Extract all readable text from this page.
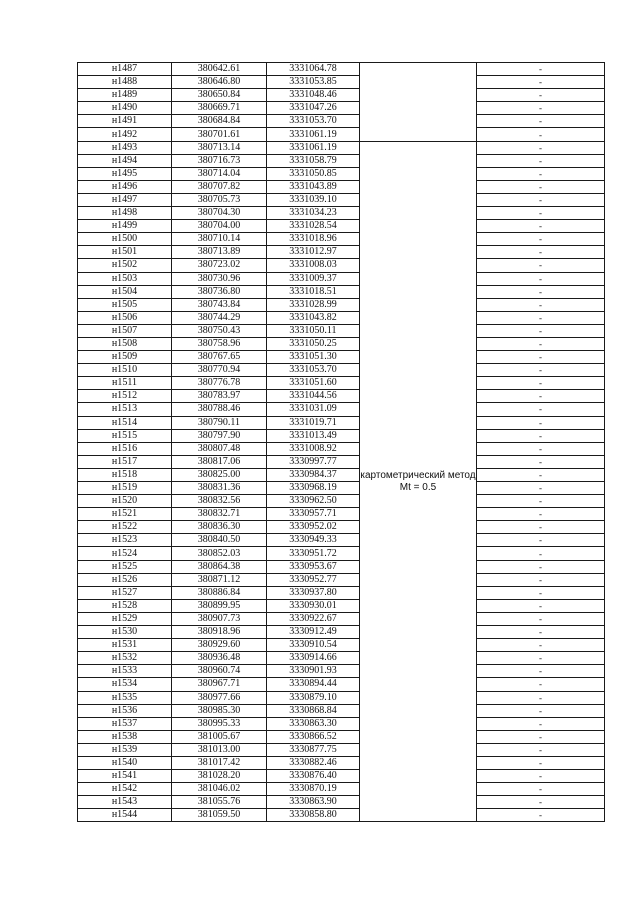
н1487	380642.61	3331064.78		-
н1488	380646.80	3331053.85		-
н1489	380650.84	3331048.46		-
н1490	380669.71	3331047.26		-
н1491	380684.84	3331053.70		-
н1492	380701.61	3331061.19		-
н1493	380713.14	3331061.19	картометрический метод Mt = 0.5	-
н1494	380716.73	3331058.79		-
н1495	380714.04	3331050.85		-
н1496	380707.82	3331043.89		-
н1497	380705.73	3331039.10		-
н1498	380704.30	3331034.23		-
н1499	380704.00	3331028.54		-
н1500	380710.14	3331018.96		-
н1501	380713.89	3331012.97		-
н1502	380723.02	3331008.03		-
н1503	380730.96	3331009.37		-
н1504	380736.80	3331018.51		-
н1505	380743.84	3331028.99		-
н1506	380744.29	3331043.82		-
н1507	380750.43	3331050.11		-
н1508	380758.96	3331050.25		-
н1509	380767.65	3331051.30		-
н1510	380770.94	3331053.70		-
н1511	380776.78	3331051.60		-
н1512	380783.97	3331044.56		-
н1513	380788.46	3331031.09		-
н1514	380790.11	3331019.71		-
н1515	380797.90	3331013.49		-
н1516	380807.48	3331008.92		-
н1517	380817.06	3330997.77		-
н1518	380825.00	3330984.37		-
н1519	380831.36	3330968.19		-
н1520	380832.56	3330962.50		-
н1521	380832.71	3330957.71		-
н1522	380836.30	3330952.02		-
н1523	380840.50	3330949.33		-
н1524	380852.03	3330951.72		-
н1525	380864.38	3330953.67		-
н1526	380871.12	3330952.77		-
н1527	380886.84	3330937.80		-
н1528	380899.95	3330930.01		-
н1529	380907.73	3330922.67		-
н1530	380918.96	3330912.49		-
н1531	380929.60	3330910.54		-
н1532	380936.48	3330914.66		-
н1533	380960.74	3330901.93		-
н1534	380967.71	3330894.44		-
н1535	380977.66	3330879.10		-
н1536	380985.30	3330868.84		-
н1537	380995.33	3330863.30		-
н1538	381005.67	3330866.52		-
н1539	381013.00	3330877.75		-
н1540	381017.42	3330882.46		-
н1541	381028.20	3330876.40		-
н1542	381046.02	3330870.19		-
н1543	381055.76	3330863.90		-
н1544	381059.50	3330858.80		-
